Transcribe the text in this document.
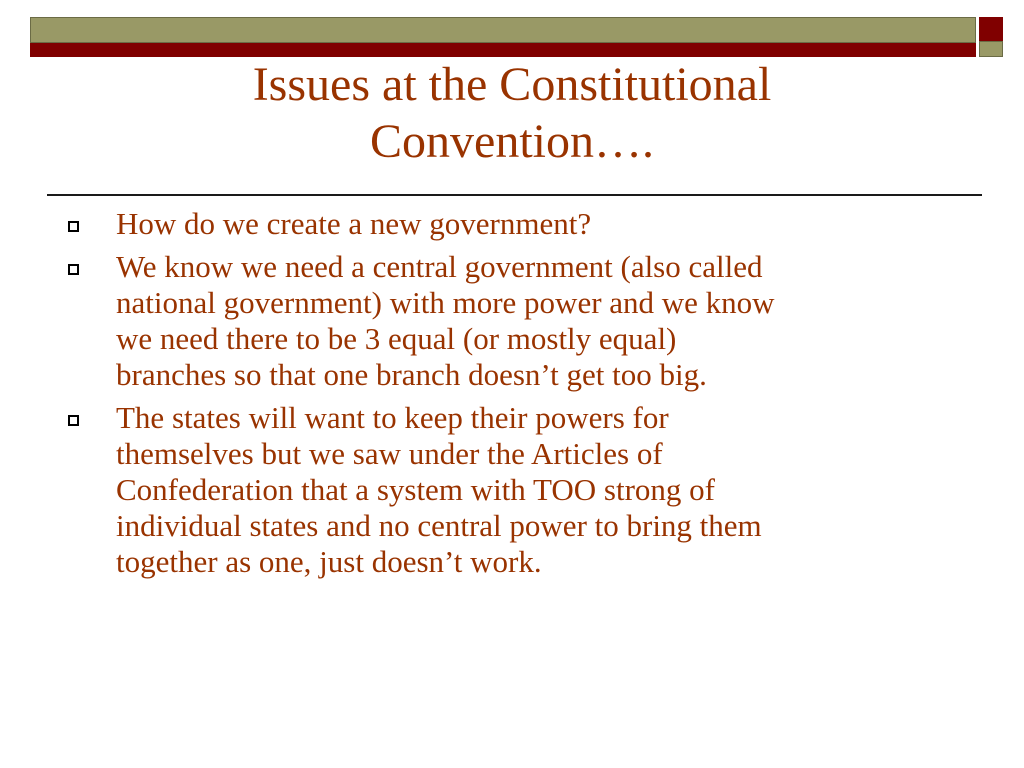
Issues at the Constitutional
Convention….
How do we create a new government?
We know we need a central government (also called
national government) with more power and we know
we need there to be 3 equal (or mostly equal)
branches so that one branch doesn’t get too big.
The states will want to keep their powers for
themselves but we saw under the Articles of
Confederation that a system with TOO strong of
individual states and no central power to bring them
together as one, just doesn’t work.
